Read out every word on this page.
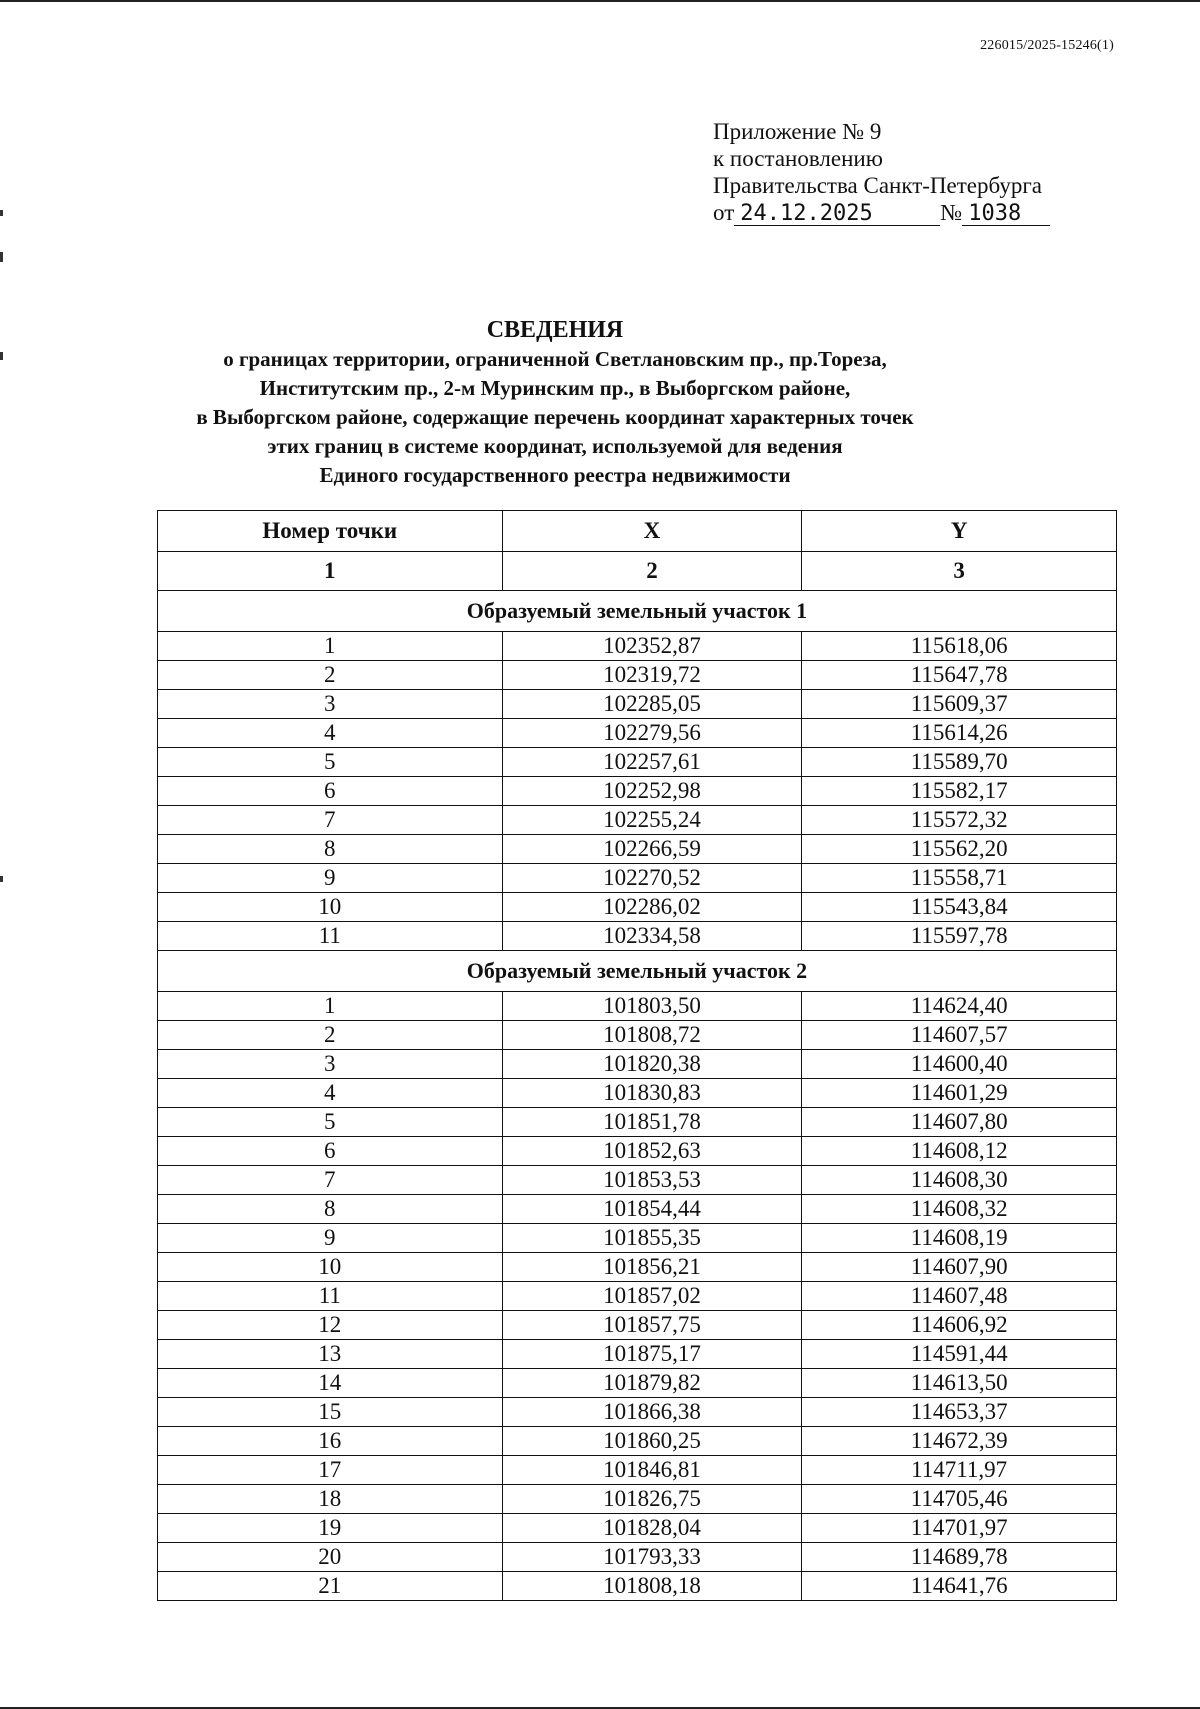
226015/2025-15246(1)
Приложение № 9
к постановлению
Правительства Санкт-Петербурга
от 24.12.2025	№ 1038
СВЕДЕНИЯ
о границах территории, ограниченной Светлановским пр., пр.Тореза,
Институтским пр., 2-м Муринским пр., в Выборгском районе,
в Выборгском районе, содержащие перечень координат характерных точек
этих границ в системе координат, используемой для ведения
Единого государственного реестра недвижимости
Номер точки	X	Y
1	2	3
Образуемый земельный участок 1		
1	102352,87	115618,06
2	102319,72	115647,78
3	102285,05	115609,37
4	102279,56	115614,26
5	102257,61	115589,70
6	102252,98	115582,17
7	102255,24	115572,32
8	102266,59	115562,20
9	102270,52	115558,71
10	102286,02	115543,84
11	102334,58	115597,78
Образуемый земельный участок 2		
1	101803,50	114624,40
2	101808,72	114607,57
3	101820,38	114600,40
4	101830,83	114601,29
5	101851,78	114607,80
6	101852,63	114608,12
7	101853,53	114608,30
8	101854,44	114608,32
9	101855,35	114608,19
10	101856,21	114607,90
11	101857,02	114607,48
12	101857,75	114606,92
13	101875,17	114591,44
14	101879,82	114613,50
15	101866,38	114653,37
16	101860,25	114672,39
17	101846,81	114711,97
18	101826,75	114705,46
19	101828,04	114701,97
20	101793,33	114689,78
21	101808,18	114641,76
